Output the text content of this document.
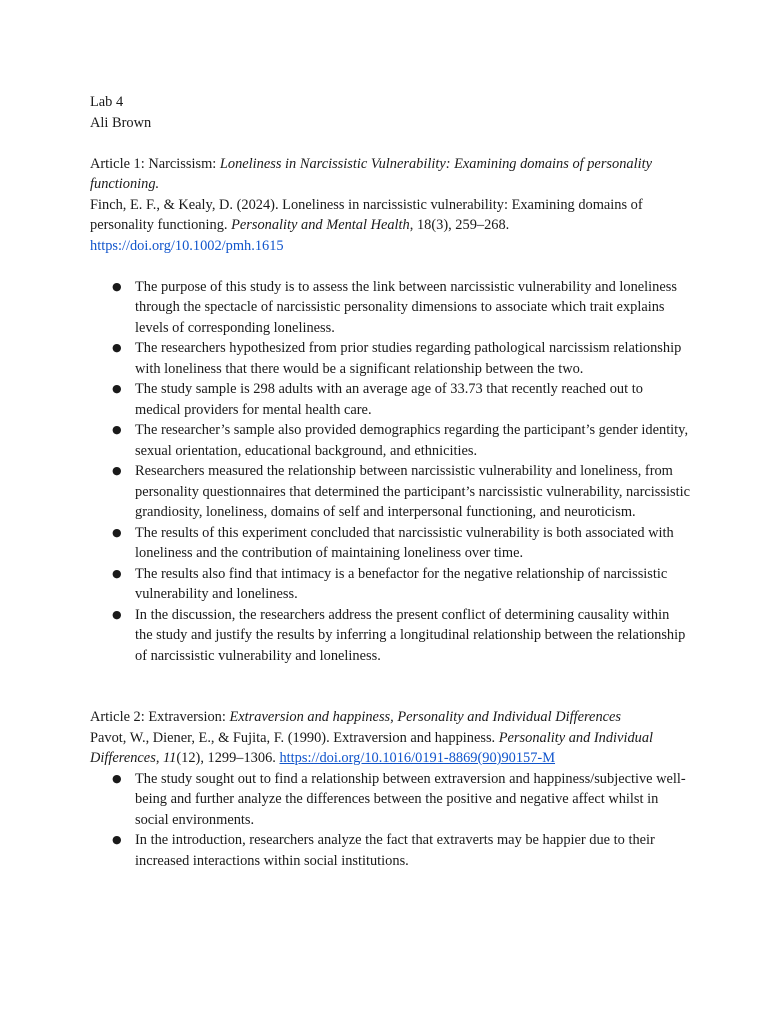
Lab 4
Ali Brown
Article 1: Narcissism: Loneliness in Narcissistic Vulnerability: Examining domains of personality functioning.
Finch, E. F., & Kealy, D. (2024). Loneliness in narcissistic vulnerability: Examining domains of personality functioning. Personality and Mental Health, 18(3), 259–268.
https://doi.org/10.1002/pmh.1615
● The purpose of this study is to assess the link between narcissistic vulnerability and loneliness through the spectacle of narcissistic personality dimensions to associate which trait explains levels of corresponding loneliness.
● The researchers hypothesized from prior studies regarding pathological narcissism relationship with loneliness that there would be a significant relationship between the two.
● The study sample is 298 adults with an average age of 33.73 that recently reached out to medical providers for mental health care.
● The researcher’s sample also provided demographics regarding the participant’s gender identity, sexual orientation, educational background, and ethnicities.
● Researchers measured the relationship between narcissistic vulnerability and loneliness, from personality questionnaires that determined the participant’s narcissistic vulnerability, narcissistic grandiosity, loneliness, domains of self and interpersonal functioning, and neuroticism.
● The results of this experiment concluded that narcissistic vulnerability is both associated with loneliness and the contribution of maintaining loneliness over time.
● The results also find that intimacy is a benefactor for the negative relationship of narcissistic vulnerability and loneliness.
● In the discussion, the researchers address the present conflict of determining causality within the study and justify the results by inferring a longitudinal relationship between the relationship of narcissistic vulnerability and loneliness.
Article 2: Extraversion: Extraversion and happiness, Personality and Individual Differences
Pavot, W., Diener, E., & Fujita, F. (1990). Extraversion and happiness. Personality and Individual Differences, 11(12), 1299–1306. https://doi.org/10.1016/0191-8869(90)90157-M
● The study sought out to find a relationship between extraversion and happiness/subjective well-being and further analyze the differences between the positive and negative affect whilst in social environments.
● In the introduction, researchers analyze the fact that extraverts may be happier due to their increased interactions within social institutions.
